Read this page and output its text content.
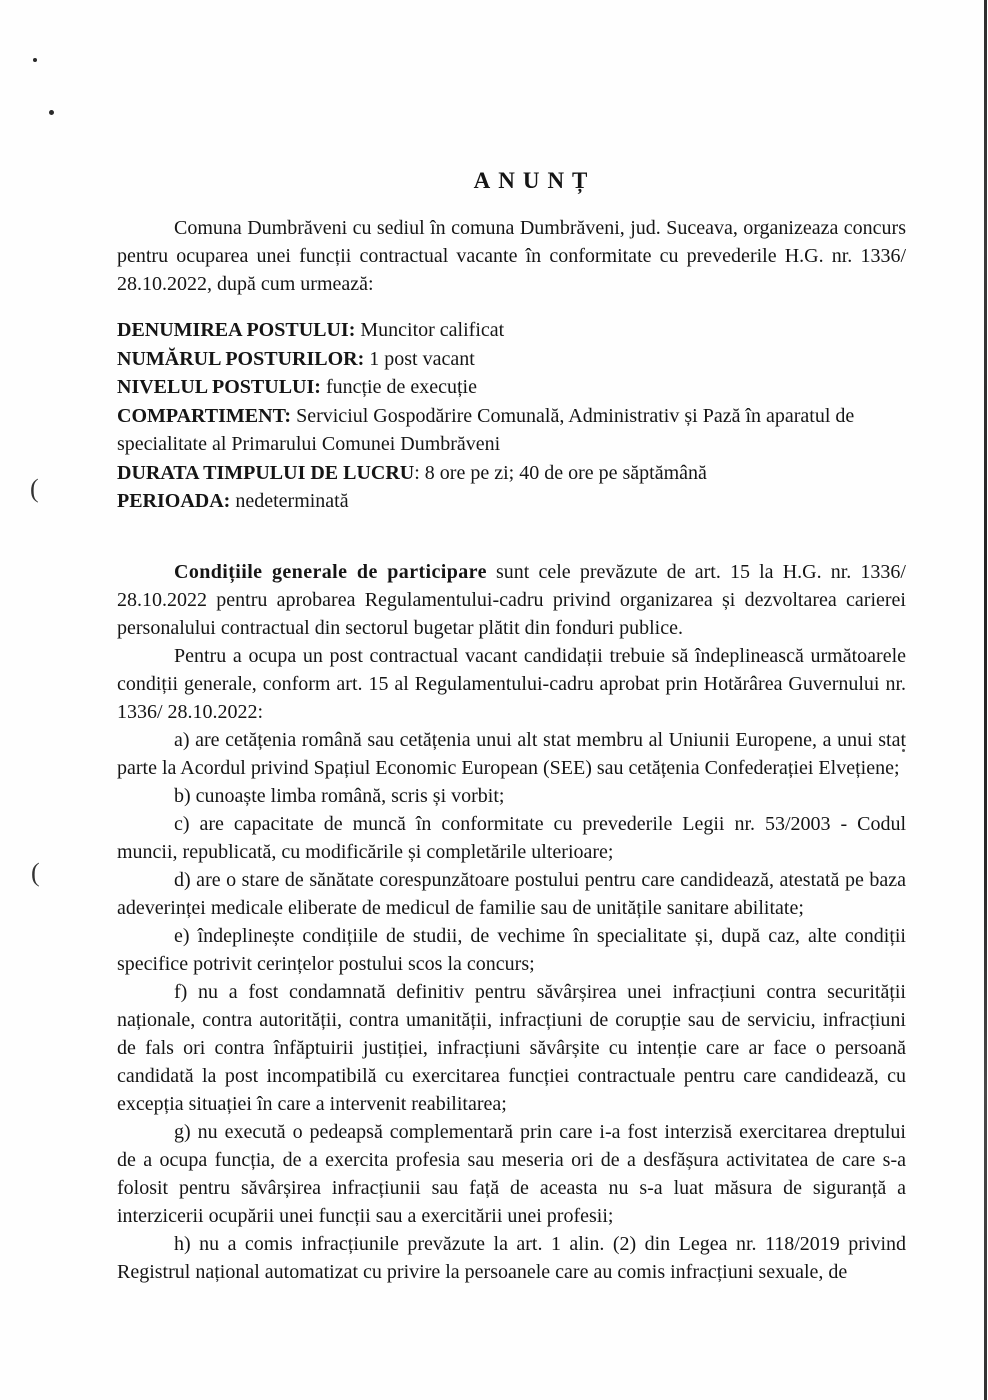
(
(
ANUNȚ

Comuna Dumbrăveni cu sediul în comuna Dumbrăveni, jud. Suceava, organizeaza concurs pentru ocuparea unei funcții contractual vacante în conformitate cu prevederile H.G. nr. 1336/ 28.10.2022, după cum urmează:

DENUMIREA POSTULUI: Muncitor calificat

NUMĂRUL POSTURILOR: 1 post vacant

NIVELUL POSTULUI: funcție de execuție

COMPARTIMENT: Serviciul Gospodărire Comunală, Administrativ și Pază în aparatul de specialitate al Primarului Comunei Dumbrăveni

DURATA TIMPULUI DE LUCRU: 8 ore pe zi; 40 de ore pe săptămână

PERIOADA: nedeterminată

Condițiile generale de participare sunt cele prevăzute de art. 15 la H.G. nr. 1336/ 28.10.2022 pentru aprobarea Regulamentului-cadru privind organizarea și dezvoltarea carierei personalului contractual din sectorul bugetar plătit din fonduri publice.

Pentru a ocupa un post contractual vacant candidații trebuie să îndeplinească următoarele condiții generale, conform art. 15 al Regulamentului-cadru aprobat prin Hotărârea Guvernului nr. 1336/ 28.10.2022:

a) are cetățenia română sau cetățenia unui alt stat membru al Uniunii Europene, a unui stat parte la Acordul privind Spațiul Economic European (SEE) sau cetățenia Confederației Elvețiene;

b) cunoaște limba română, scris și vorbit;

c) are capacitate de muncă în conformitate cu prevederile Legii nr. 53/2003 - Codul muncii, republicată, cu modificările și completările ulterioare;

d) are o stare de sănătate corespunzătoare postului pentru care candidează, atestată pe baza adeverinței medicale eliberate de medicul de familie sau de unitățile sanitare abilitate;

e) îndeplinește condițiile de studii, de vechime în specialitate și, după caz, alte condiții specifice potrivit cerințelor postului scos la concurs;

f) nu a fost condamnată definitiv pentru săvârșirea unei infracțiuni contra securității naționale, contra autorității, contra umanității, infracțiuni de corupție sau de serviciu, infracțiuni de fals ori contra înfăptuirii justiției, infracțiuni săvârșite cu intenție care ar face o persoană candidată la post incompatibilă cu exercitarea funcției contractuale pentru care candidează, cu excepția situației în care a intervenit reabilitarea;

g) nu execută o pedeapsă complementară prin care i-a fost interzisă exercitarea dreptului de a ocupa funcția, de a exercita profesia sau meseria ori de a desfășura activitatea de care s-a folosit pentru săvârșirea infracțiunii sau față de aceasta nu s-a luat măsura de siguranță a interzicerii ocupării unei funcții sau a exercitării unei profesii;

h) nu a comis infracțiunile prevăzute la art. 1 alin. (2) din Legea nr. 118/2019 privind Registrul național automatizat cu privire la persoanele care au comis infracțiuni sexuale, de
